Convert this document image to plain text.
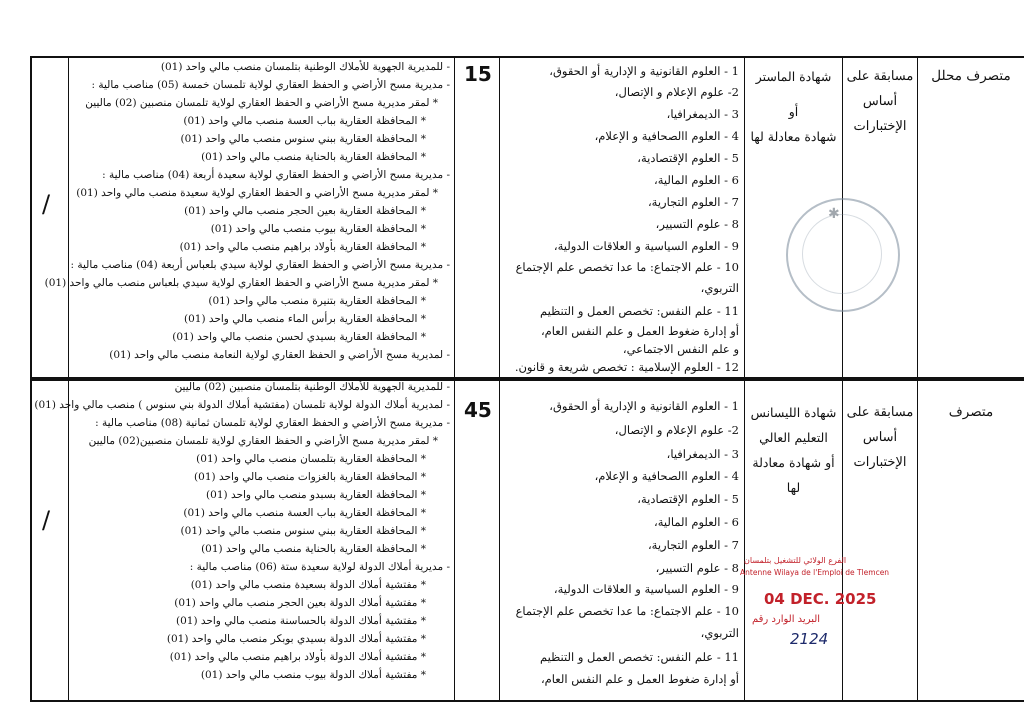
متصرف محلل
مسابقة على
أساس
الإختبارات
شهادة الماستر
أو
شهادة معادلة لها
1 - العلوم القانونية و الإدارية أو الحقوق،
2- علوم الإعلام و الإتصال،
3 - الديمغرافيا،
4 - العلوم االصحافية و الإعلام،
5 - العلوم الإقتصادية،
6 - العلوم المالية،
7 - العلوم التجارية،
8 - علوم التسيير،
9 - العلوم السياسية و العلاقات الدولية،
10 - علم الاجتماع: ما عدا تخصص علم الإجتماع
التربوي،
11 - علم النفس: تخصص العمل و التنظيم
أو إدارة ضغوط العمل و علم النفس العام،
و علم النفس الاجتماعي،
12 - العلوم الإسلامية : تخصص شريعة و قانون.
15
- للمديرية الجهوية للأملاك الوطنية بتلمسان منصب مالي واحد (01)
- مديرية مسح الأراضي و الحفظ العقاري لولاية تلمسان خمسة (05) مناصب مالية :
* لمقر مديرية مسح الأراضي و الحفظ العقاري لولاية تلمسان منصبين (02) ماليين
* المحافظة العقارية بباب العسة منصب مالي واحد (01)
* المحافظة العقارية ببني سنوس منصب مالي واحد (01)
* المحافظة العقارية بالحناية منصب مالي واحد (01)
- مديرية مسح الأراضي و الحفظ العقاري لولاية سعيدة أربعة (04) مناصب مالية :
* لمقر مديرية مسح الأراضي و الحفظ العقاري لولاية سعيدة منصب مالي واحد (01)
* المحافظة العقارية بعين الحجر منصب مالي واحد (01)
* المحافظة العقارية بيوب منصب مالي واحد (01)
* المحافظة العقارية بأولاد براهيم منصب مالي واحد (01)
- مديرية مسح الأراضي و الحفظ العقاري لولاية سيدي بلعباس أربعة (04) مناصب مالية :
* لمقر مديرية مسح الأراضي و الحفظ العقاري لولاية سيدي بلعباس منصب مالي واحد (01)
* المحافظة العقارية بتنيرة منصب مالي واحد (01)
* المحافظة العقارية برأس الماء منصب مالي واحد (01)
* المحافظة العقارية بسيدي لحسن منصب مالي واحد (01)
- لمديرية مسح الأراضي و الحفظ العقاري لولاية النعامة منصب مالي واحد (01)
/	✱
متصرف
مسابقة على
أساس
الإختبارات
شهادة الليسانس
التعليم العالي
أو شهادة معادلة لها
1 - العلوم القانونية و الإدارية أو الحقوق،
2- علوم الإعلام و الإتصال،
3 - الديمغرافيا،
4 - العلوم االصحافية و الإعلام،
5 - العلوم الإقتصادية،
6 - العلوم المالية،
7 - العلوم التجارية،
8 - علوم التسيير،
9 - العلوم السياسية و العلاقات الدولية،
10 - علم الاجتماع: ما عدا تخصص علم الإجتماع
التربوي،
11 - علم النفس: تخصص العمل و التنظيم
أو إدارة ضغوط العمل و علم النفس العام،
45
- للمديرية الجهوية للأملاك الوطنية بتلمسان منصبين (02) ماليين
- لمديرية أملاك الدولة لولاية تلمسان (مفتشية أملاك الدولة بني سنوس ) منصب مالي واحد (01)
- مديرية مسح الأراضي و الحفظ العقاري لولاية تلمسان ثمانية (08) مناصب مالية :
* لمقر مديرية مسح الأراضي و الحفظ العقاري لولاية تلمسان منصبين(02) ماليين
* المحافظة العقارية بتلمسان منصب مالي واحد (01)
* المحافظة العقارية بالغزوات منصب مالي واحد (01)
* المحافظة العقارية بسبدو منصب مالي واحد (01)
* المحافظة العقارية بباب العسة منصب مالي واحد (01)
* المحافظة العقارية ببني سنوس منصب مالي واحد (01)
* المحافظة العقارية بالحناية منصب مالي واحد (01)
- مديرية أملاك الدولة لولاية سعيدة ستة (06) مناصب مالية :
* مفتشية أملاك الدولة بسعيدة منصب مالي واحد (01)
* مفتشية أملاك الدولة بعين الحجر منصب مالي واحد (01)
* مفتشية أملاك الدولة بالحساسنة منصب مالي واحد (01)
* مفتشية أملاك الدولة بسيدي بوبكر منصب مالي واحد (01)
* مفتشية أملاك الدولة بأولاد براهيم منصب مالي واحد (01)
* مفتشية أملاك الدولة بيوب منصب مالي واحد (01)
/
الفرع الولائي للتشغيل بتلمسان
Antenne Wilaya de l'Emploi de Tlemcen
04 DEC. 2025
البريد الوارد رقم
2124
